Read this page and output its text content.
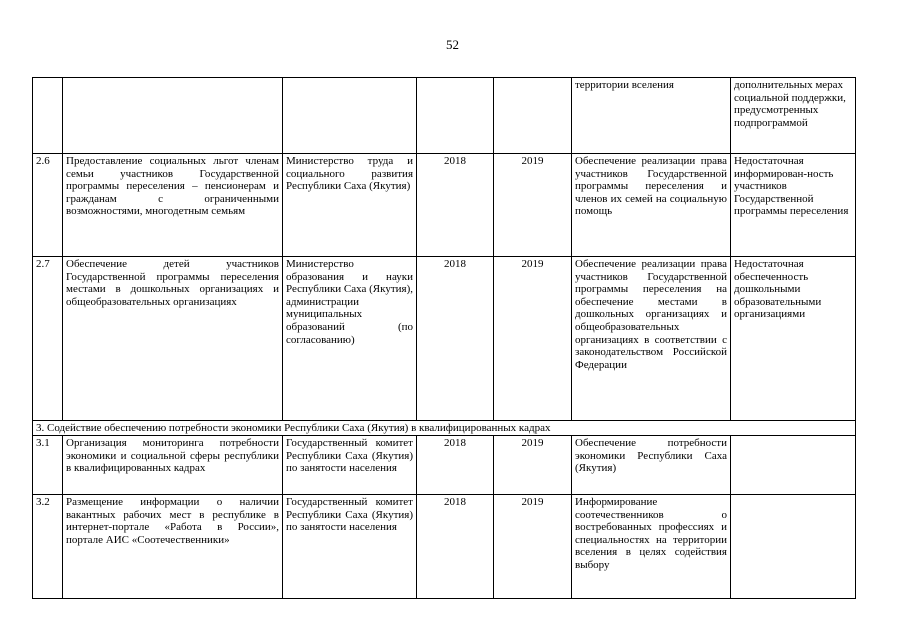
52
					территории вселения	дополнительных мерах социальной поддержки, предусмотренных подпрограммой
2.6	Предоставление социальных льгот членам семьи участников Государственной программы переселения – пенсионерам и гражданам с ограниченными возможностями, многодетным семьям	Министерство труда и социального развития Республики Саха (Якутия)	2018	2019	Обеспечение реализации права участников Государственной программы переселения и членов их семей на социальную помощь	Недостаточная информирован-ность участников Государственной программы переселения
2.7	Обеспечение детей участников Государственной программы переселения местами в дошкольных организациях и общеобразовательных организациях	Министерство образования и науки Республики Саха (Якутия), администрации муниципальных образований (по согласованию)	2018	2019	Обеспечение реализации права участников Государственной программы переселения на обеспечение местами в дошкольных организациях и общеобразовательных организациях в соответствии с законодательством Российской Федерации	Недостаточная обеспеченность дошкольными образовательными организациями
3. Содействие обеспечению потребности экономики Республики Саха (Якутия) в квалифицированных кадрах						
3.1	Организация мониторинга потребности экономики и социальной сферы республики в квалифицированных кадрах	Государственный комитет Республики Саха (Якутия) по занятости населения	2018	2019	Обеспечение потребности экономики Республики Саха (Якутия)	
3.2	Размещение информации о наличии вакантных рабочих мест в республике в интернет-портале «Работа в России», портале АИС «Соотечественники»	Государственный комитет Республики Саха (Якутия) по занятости населения	2018	2019	Информирование соотечественников о востребованных профессиях и специальностях на территории вселения в целях содействия выбору	
